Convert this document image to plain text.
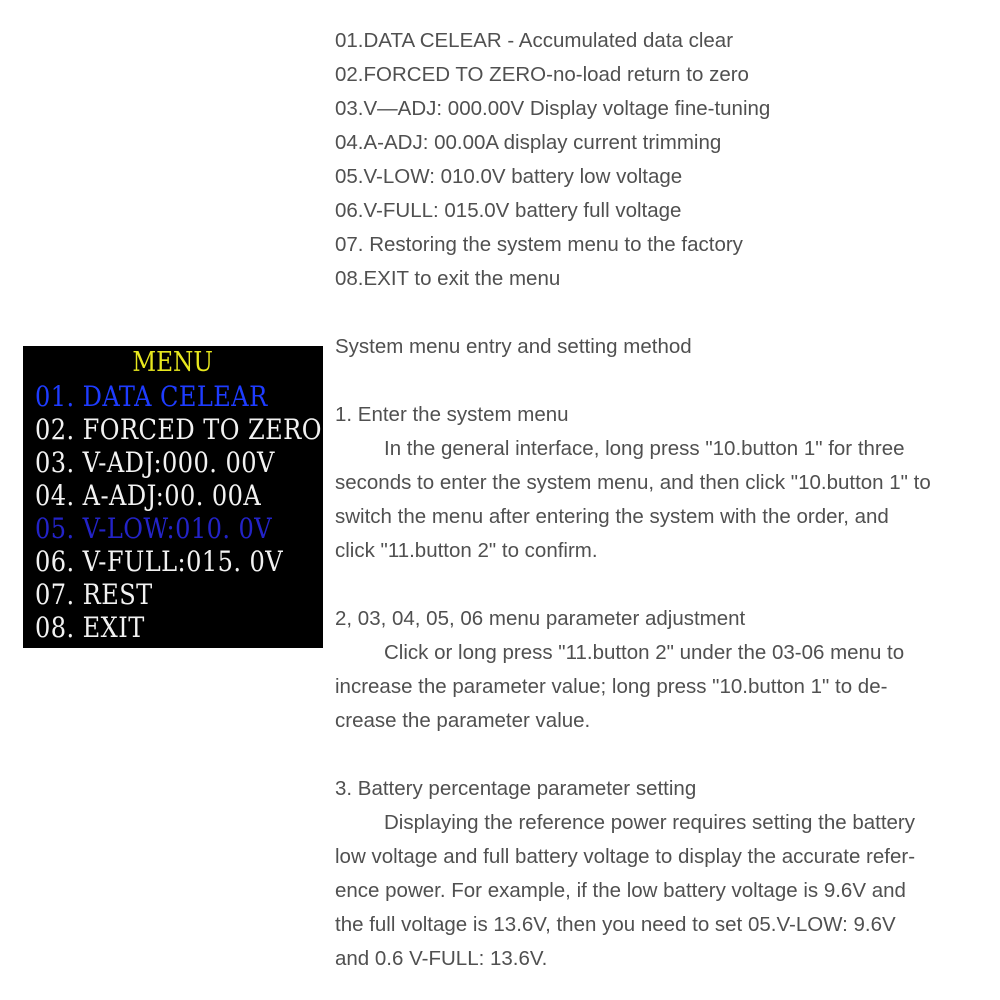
MENU
01. DATA CELEAR
02. FORCED TO ZERO
03. V-ADJ:000. 00V
04. A-ADJ:00. 00A
05. V-LOW:010. 0V
06. V-FULL:015. 0V
07. REST
08. EXIT

01.DATA CELEAR - Accumulated data clear

02.FORCED TO ZERO-no-load return to zero

03.V—ADJ: 000.00V Display voltage fine-tuning

04.A-ADJ: 00.00A display current trimming

05.V-LOW: 010.0V battery low voltage

06.V-FULL: 015.0V battery full voltage

07. Restoring the system menu to the factory

08.EXIT to exit the menu

System menu entry and setting method

1. Enter the system menu

In the general interface, long press "10.button 1" for three

seconds to enter the system menu, and then click "10.button 1" to

switch the menu after entering the system with the order, and

click "11.button 2" to confirm.

2, 03, 04, 05, 06 menu parameter adjustment

Click or long press "11.button 2" under the 03-06 menu to

increase the parameter value; long press "10.button 1" to de-

crease the parameter value.

3. Battery percentage parameter setting

Displaying the reference power requires setting the battery

low voltage and full battery voltage to display the accurate refer-

ence power. For example, if the low battery voltage is 9.6V and

the full voltage is 13.6V, then you need to set 05.V-LOW: 9.6V

and 0.6 V-FULL: 13.6V.
